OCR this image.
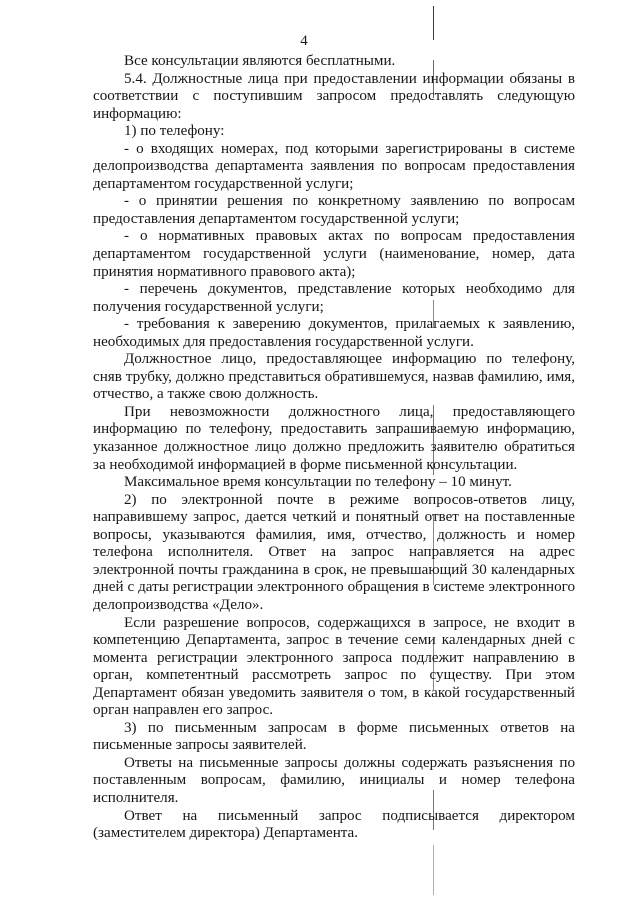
4

Все консультации являются бесплатными.

5.4. Должностные лица при предоставлении информации обязаны в соответствии с поступившим запросом предоставлять следующую информацию:

1) по телефону:

- о входящих номерах, под которыми зарегистрированы в системе делопроизводства департамента заявления по вопросам предоставления департаментом государственной услуги;

- о принятии решения по конкретному заявлению по вопросам предоставления департаментом государственной услуги;

- о нормативных правовых актах по вопросам предоставления департаментом государственной услуги (наименование, номер, дата принятия нормативного правового акта);

- перечень документов, представление которых необходимо для получения государственной услуги;

- требования к заверению документов, прилагаемых к заявлению, необходимых для предоставления государственной услуги.

Должностное лицо, предоставляющее информацию по телефону, сняв трубку, должно представиться обратившемуся, назвав фамилию, имя, отчество, а также свою должность.

При невозможности должностного лица, предоставляющего информацию по телефону, предоставить запрашиваемую информацию, указанное должностное лицо должно предложить заявителю обратиться за необходимой информацией в форме письменной консультации.

Максимальное время консультации по телефону – 10 минут.

2) по электронной почте в режиме вопросов-ответов лицу, направившему запрос, дается четкий и понятный ответ на поставленные вопросы, указываются фамилия, имя, отчество, должность и номер телефона исполнителя. Ответ на запрос направляется на адрес электронной почты гражданина в срок, не превышающий 30 календарных дней с даты регистрации электронного обращения в системе электронного делопроизводства «Дело».

Если разрешение вопросов, содержащихся в запросе, не входит в компетенцию Департамента, запрос в течение семи календарных дней с момента регистрации электронного запроса подлежит направлению в орган, компетентный рассмотреть запрос по существу. При этом Департамент обязан уведомить заявителя о том, в какой государственный орган направлен его запрос.

3) по письменным запросам в форме письменных ответов на письменные запросы заявителей.

Ответы на письменные запросы должны содержать разъяснения по поставленным вопросам, фамилию, инициалы и номер телефона исполнителя.

Ответ на письменный запрос подписывается директором (заместителем директора) Департамента.
